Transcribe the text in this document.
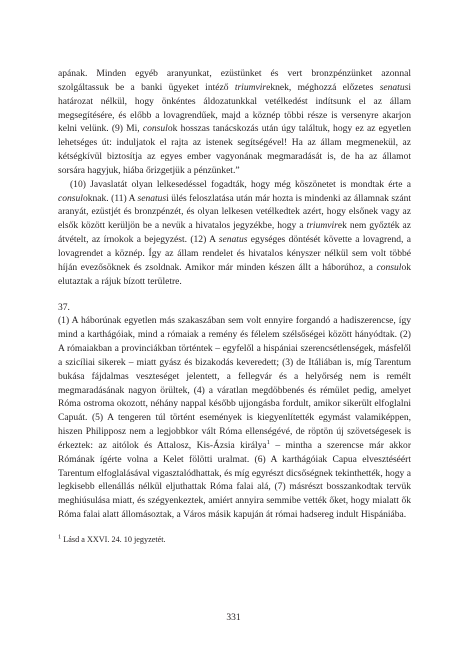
apának. Minden egyéb aranyunkat, ezüstünket és vert bronzpénzünket azonnal szolgáltassuk be a banki ügyeket intéző triumvireknek, méghozzá előzetes senatusi határozat nélkül, hogy önkéntes áldozatunkkal vetélkedést indítsunk el az állam megsegítésére, és előbb a lovagrendűek, majd a köznép többi része is versenyre akarjon kelni velünk. (9) Mi, consulok hosszas tanácskozás után úgy találtuk, hogy ez az egyetlen lehetséges út: induljatok el rajta az istenek segítségével! Ha az állam megmenekül, az kétségkívül biztosítja az egyes ember vagyonának megmaradását is, de ha az államot sorsára hagyjuk, hiába őrizgetjük a pénzünket.”

(10) Javaslatát olyan lelkesedéssel fogadták, hogy még köszönetet is mondtak érte a consuloknak. (11) A senatusi ülés feloszlatása után már hozta is mindenki az államnak szánt aranyát, ezüstjét és bronzpénzét, és olyan lelkesen vetélkedtek azért, hogy elsőnek vagy az elsők között kerüljön be a nevük a hivatalos jegyzékbe, hogy a triumvirek nem győzték az átvételt, az írnokok a bejegyzést. (12) A senatus egységes döntését követte a lovagrend, a lovagrendet a köznép. Így az állam rendelet és hivatalos kényszer nélkül sem volt többé híján evezősöknek és zsoldnak. Amikor már minden készen állt a háborúhoz, a consulok elutaztak a rájuk bízott területre.

37.

(1) A háborúnak egyetlen más szakaszában sem volt ennyire forgandó a hadiszerencse, így mind a karthágóiak, mind a rómaiak a remény és félelem szélsőségei között hányódtak. (2) A rómaiakban a provinciákban történtek – egyfelől a hispániai szerencsétlenségek, másfelől a szicíliai sikerek – miatt gyász és bizakodás keveredett; (3) de Itáliában is, míg Tarentum bukása fájdalmas veszteséget jelentett, a fellegvár és a helyőrség nem is remélt megmaradásának nagyon örültek, (4) a váratlan megdöbbenés és rémület pedig, amelyet Róma ostroma okozott, néhány nappal később ujjongásba fordult, amikor sikerült elfoglalni Capuát. (5) A tengeren túl történt események is kiegyenlítették egymást valamiképpen, hiszen Philipposz nem a legjobbkor vált Róma ellenségévé, de röptön új szövetségesek is érkeztek: az aitólok és Attalosz, Kis-Ázsia királya$^1$ – mintha a szerencse már akkor Rómának ígérte volna a Kelet fölötti uralmat. (6) A karthágóiak Capua elvesztéséért Tarentum elfoglalásával vigasztalódhattak, és míg egyrészt dicsőségnek tekinthették, hogy a legkisebb ellenállás nélkül eljuthattak Róma falai alá, (7) másrészt bosszankodtak tervük meghiúsulása miatt, és szégyenkeztek, amiért annyira semmibe vették őket, hogy mialatt ők Róma falai alatt állomásoztak, a Város másik kapuján át római hadsereg indult Hispániába.

$^1$ Lásd a XXVI. 24. 10 jegyzetét.

331
